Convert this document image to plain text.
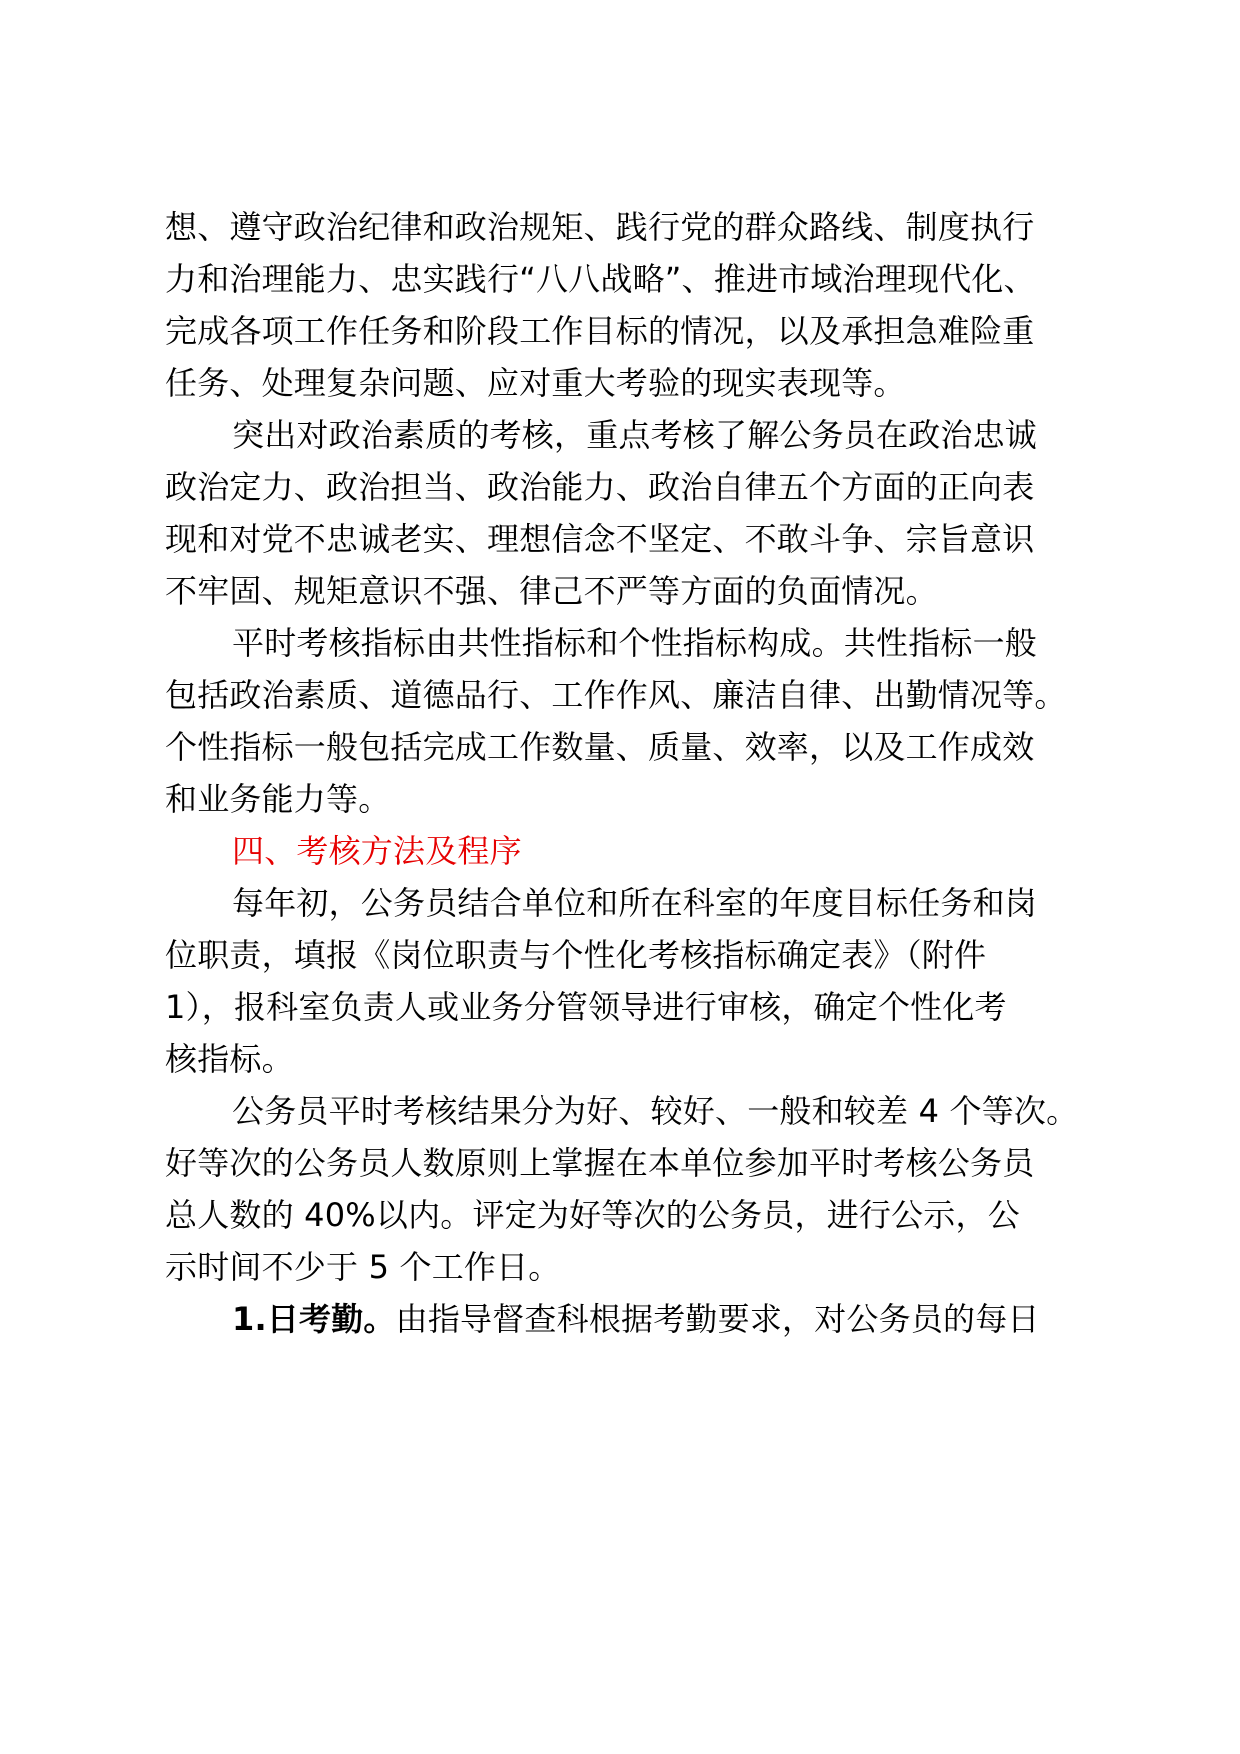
想、遵守政治纪律和政治规矩、践行党的群众路线、制度执行
力和治理能力、忠实践行“八八战略”、推进市域治理现代化、
完成各项工作任务和阶段工作目标的情况，以及承担急难险重
任务、处理复杂问题、应对重大考验的现实表现等。
突出对政治素质的考核，重点考核了解公务员在政治忠诚
政治定力、政治担当、政治能力、政治自律五个方面的正向表
现和对党不忠诚老实、理想信念不坚定、不敢斗争、宗旨意识
不牢固、规矩意识不强、律己不严等方面的负面情况。
平时考核指标由共性指标和个性指标构成。共性指标一般
包括政治素质、道德品行、工作作风、廉洁自律、出勤情况等。
个性指标一般包括完成工作数量、质量、效率，以及工作成效
和业务能力等。
四、考核方法及程序
每年初，公务员结合单位和所在科室的年度目标任务和岗
位职责，填报《岗位职责与个性化考核指标确定表》（附件
1），报科室负责人或业务分管领导进行审核，确定个性化考
核指标。
公务员平时考核结果分为好、较好、一般和较差 4 个等次。
好等次的公务员人数原则上掌握在本单位参加平时考核公务员
总人数的 40%以内。评定为好等次的公务员，进行公示，公
示时间不少于 5 个工作日。
1.日考勤。由指导督查科根据考勤要求，对公务员的每日
